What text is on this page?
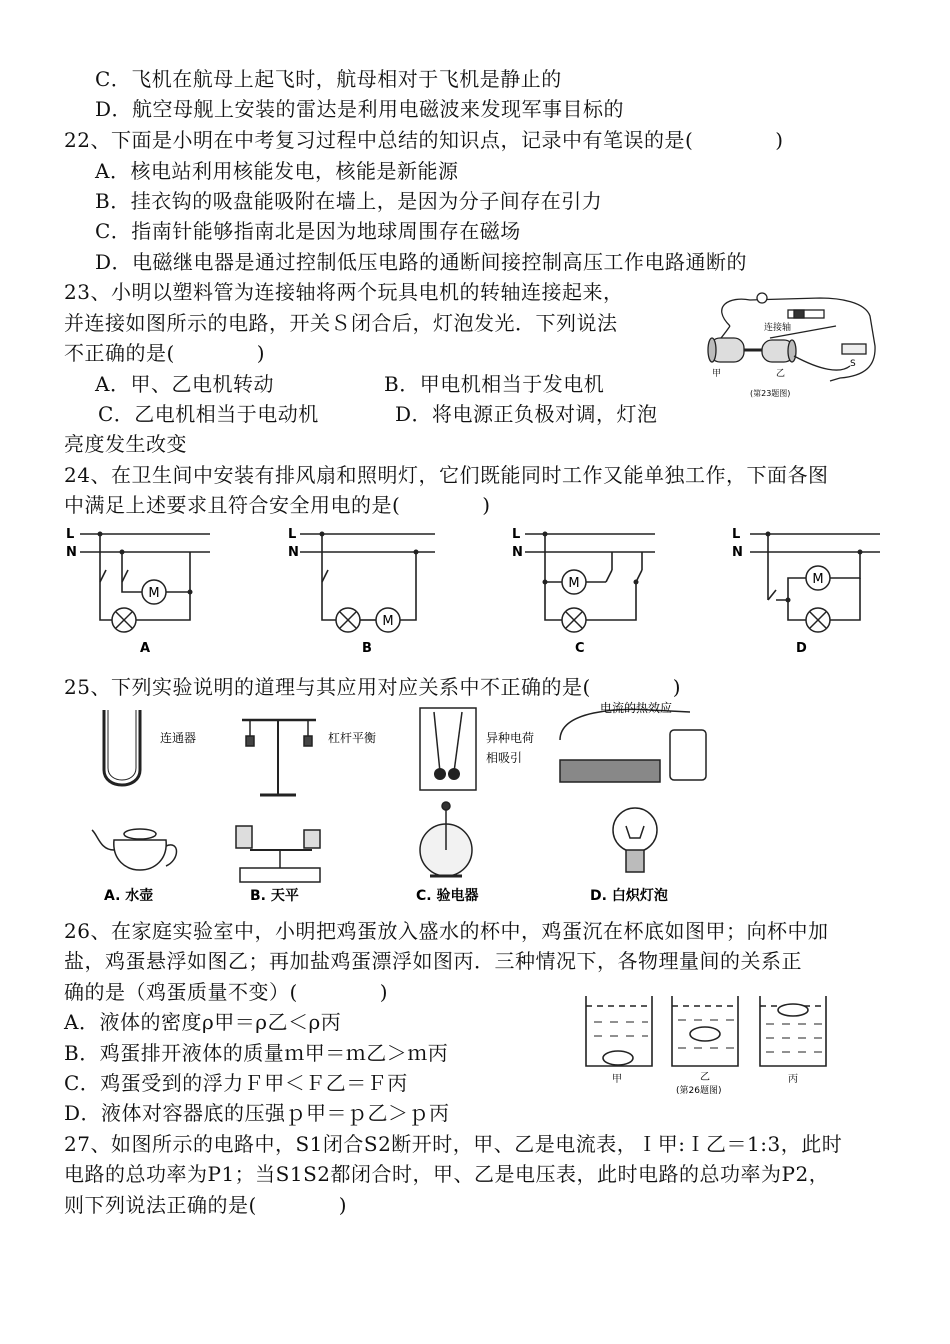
C．飞机在航母上起飞时，航母相对于飞机是静止的
D．航空母舰上安装的雷达是利用电磁波来发现军事目标的
22、下面是小明在中考复习过程中总结的知识点，记录中有笔误的是(　　　　)
A．核电站利用核能发电，核能是新能源
B．挂衣钩的吸盘能吸附在墙上，是因为分子间存在引力
C．指南针能够指南北是因为地球周围存在磁场
D．电磁继电器是通过控制低压电路的通断间接控制高压工作电路通断的
23、小明以塑料管为连接轴将两个玩具电机的转轴连接起来，
并连接如图所示的电路，开关Ｓ闭合后，灯泡发光．下列说法
不正确的是(　　　　)
A．甲、乙电机转动	B．甲电机相当于发电机
C．乙电机相当于电动机	D．将电源正负极对调，灯泡
亮度发生改变
24、在卫生间中安装有排风扇和照明灯，它们既能同时工作又能单独工作，下面各图
中满足上述要求且符合安全用电的是(　　　　)
25、下列实验说明的道理与其应用对应关系中不正确的是(　　　　)
26、在家庭实验室中，小明把鸡蛋放入盛水的杯中，鸡蛋沉在杯底如图甲；向杯中加
盐，鸡蛋悬浮如图乙；再加盐鸡蛋漂浮如图丙．三种情况下，各物理量间的关系正
确的是（鸡蛋质量不变）(　　　　)
A．液体的密度ρ甲＝ρ乙＜ρ丙
B．鸡蛋排开液体的质量ｍ甲＝ｍ乙＞ｍ丙
C．鸡蛋受到的浮力Ｆ甲＜Ｆ乙＝Ｆ丙
D．液体对容器底的压强ｐ甲＝ｐ乙＞ｐ丙
27、如图所示的电路中，S1闭合S2断开时，甲、乙是电流表，Ｉ甲:Ｉ乙＝1:3，此时
电路的总功率为P1；当S1S2都闭合时，甲、乙是电压表，此时电路的总功率为P2，
则下列说法正确的是(　　　　)
连接轴
S
甲	乙
(第23题图)
M
M
M	M
L
N
L
N
L
N
L
N
A	B	C	D
连通器	杠杆平衡	异种电荷
相吸引
电流的热效应
A. 水壶	B. 天平	C. 验电器	D. 白炽灯泡
甲	乙	丙
(第26题图)
